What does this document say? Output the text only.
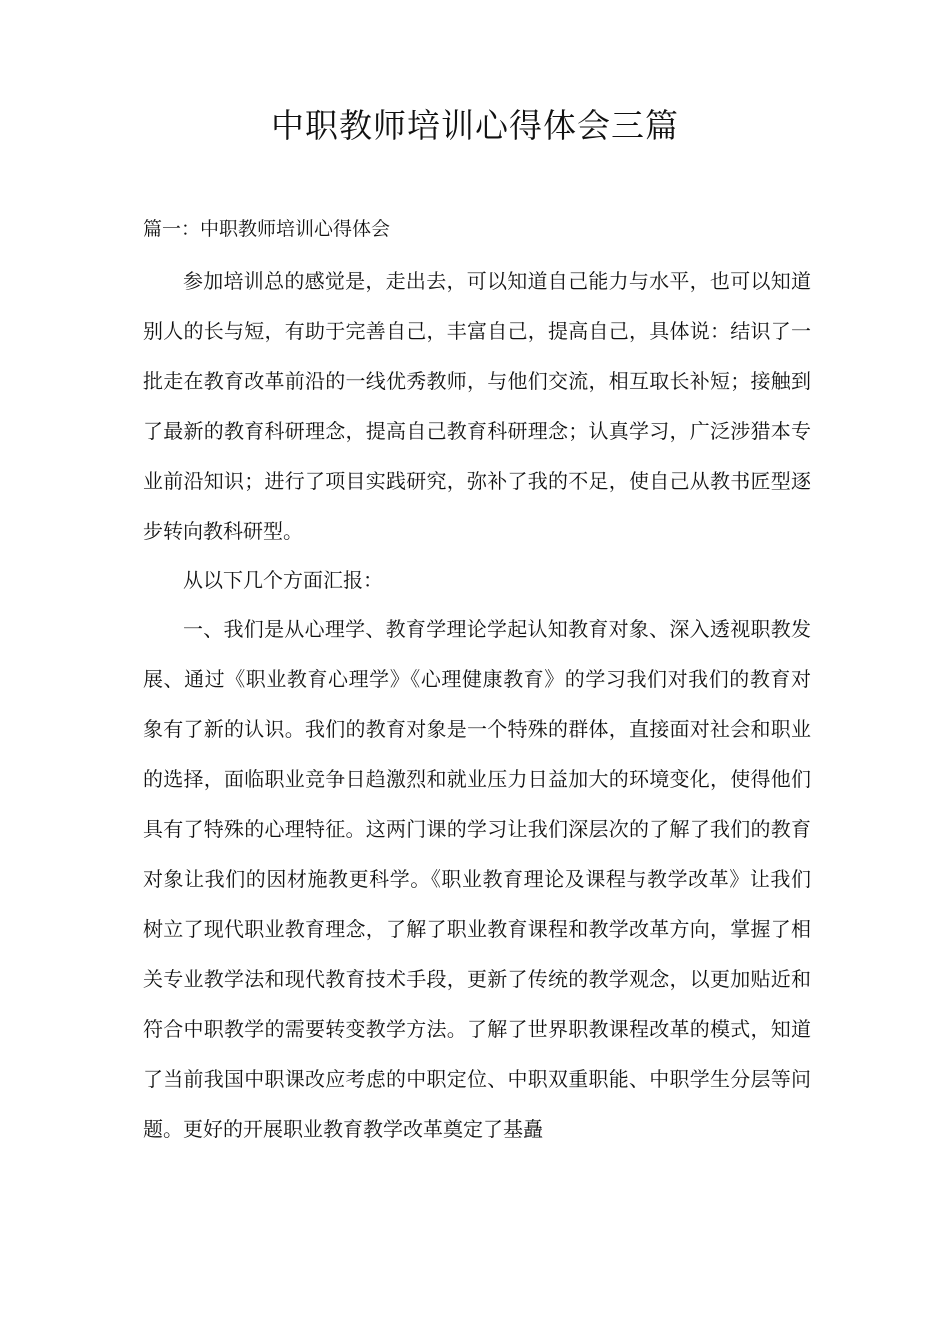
中职教师培训心得体会三篇
篇一：中职教师培训心得体会

参加培训总的感觉是，走出去，可以知道自己能力与水平，也可以知道别人的长与短，有助于完善自己，丰富自己，提高自己，具体说：结识了一批走在教育改革前沿的一线优秀教师，与他们交流，相互取长补短；接触到了最新的教育科研理念，提高自己教育科研理念；认真学习，广泛涉猎本专业前沿知识；进行了项目实践研究，弥补了我的不足，使自己从教书匠型逐步转向教科研型。

从以下几个方面汇报：

一、我们是从心理学、教育学理论学起认知教育对象、深入透视职教发展、通过《职业教育心理学》《心理健康教育》的学习我们对我们的教育对象有了新的认识。我们的教育对象是一个特殊的群体，直接面对社会和职业的选择，面临职业竞争日趋激烈和就业压力日益加大的环境变化，使得他们具有了特殊的心理特征。这两门课的学习让我们深层次的了解了我们的教育对象让我们的因材施教更科学。《职业教育理论及课程与教学改革》让我们树立了现代职业教育理念，了解了职业教育课程和教学改革方向，掌握了相关专业教学法和现代教育技术手段，更新了传统的教学观念，以更加贴近和符合中职教学的需要转变教学方法。了解了世界职教课程改革的模式，知道了当前我国中职课改应考虑的中职定位、中职双重职能、中职学生分层等问题。更好的开展职业教育教学改革奠定了基矗
